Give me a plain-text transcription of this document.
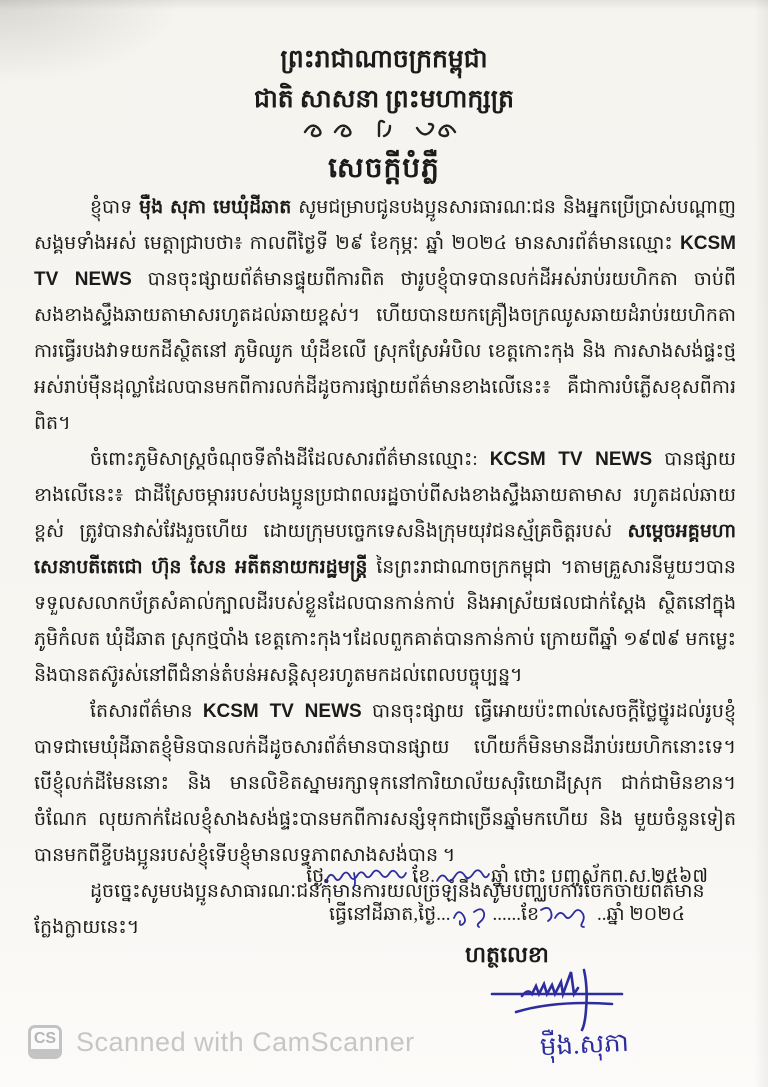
ព្រះរាជាណាចក្រកម្ពុជា
ជាតិ សាសនា ព្រះមហាក្សត្រ
សេចក្តីបំភ្លឺ

ខ្ញុំបាទ ម៉ឺង សុភា មេឃុំដីឆាត សូមជម្រាបជូនបងប្អូនសារធារណៈជន និងអ្នកប្រើប្រាស់បណ្ដាញសង្គមទាំងអស់ មេត្តាជ្រាបថា៖ កាលពីថ្ងៃទី ២៩ ខែកុម្ភៈ ឆ្នាំ ២០២៤ មានសារព័ត៌មានឈ្មោះ KCSM TV NEWS បានចុះផ្សាយព័ត៌មានផ្ទុយពីការពិត ថារូបខ្ញុំបាទបានលក់ដីអស់រាប់រយហិកតា ចាប់ពីសងខាងស្ទឹងឆាយតាមាសរហូតដល់ឆាយខ្ពស់។ ហើយបានយកគ្រឿងចក្រឈូសឆាយដំរាប់រយហិកតាការធ្វើរបងវាទយកដីស្ថិតនៅ ភូមិឈូក ឃុំដីខលើ ស្រុកស្រែអំបិល ខេត្តកោះកុង និង ការសាងសង់ផ្ទះថ្មអស់រាប់ម៉ឺនដុល្លាដែលបានមកពីការលក់ដីដូចការផ្សាយព័ត៌មានខាងលើនេះ៖ គឺជាការបំភ្លើសខុសពីការពិត។

ចំពោះភូមិសាស្រ្តចំណុចទីតាំងដីដែលសារព័ត៌មានឈ្មោះ: KCSM TV NEWS បានផ្សាយខាងលើនេះ៖ ជាដីស្រែចម្ការរបស់បងប្អូនប្រជាពលរដ្ឋចាប់ពីសងខាងស្ទឹងឆាយតាមាស រហូតដល់ឆាយខ្ពស់ ត្រូវបានវាស់វែងរួចហើយ ដោយក្រុមបច្ចេកទេសនិងក្រុមយុវជនស្ម័គ្រចិត្តរបស់ សម្តេចអគ្គមហាសេនាបតីតេជោ ហ៊ុន សែន អតីតនាយករដ្ឋមន្ត្រី នៃព្រះរាជាណាចក្រកម្ពុជា ។តាមគ្រួសារនីមួយៗបានទទួលសលាកប័ត្រសំគាល់ក្បាលដីរបស់ខ្លួនដែលបានកាន់កាប់ និងអាស្រ័យផលជាក់ស្តែង ស្ថិតនៅក្នុងភូមិកំលត ឃុំដីឆាត ស្រុកថ្មបាំង ខេត្តកោះកុង។ដែលពួកគាត់បានកាន់កាប់ ក្រោយពីឆ្នាំ ១៩៧៩ មកម្លេះនិងបានតស៊ូរស់នៅពីជំនាន់តំបន់អសន្តិសុខរហូតមកដល់ពេលបច្ចុប្បន្ន។

តែសារព័ត៌មាន KCSM TV NEWS បានចុះផ្សាយ ធ្វើអោយប៉ះពាល់សេចក្តីថ្លៃថ្នូរដល់រូបខ្ញុំបាទជាមេឃុំដីឆាតខ្ញុំមិនបានលក់ដីដូចសារព័ត៌មានបានផ្សាយ ហើយក៏មិនមានដីរាប់រយហិកនោះទេ។ បើខ្ញុំលក់ដីមែននោះ និង មានលិខិតស្នាមរក្សាទុកនៅការិយាល័យសុរិយោដីស្រុក ជាក់ជាមិនខាន។ ចំណែក លុយកាក់ដែលខ្ញុំសាងសង់ផ្ទះបានមកពីការសន្សំទុកជាច្រើនឆ្នាំមកហើយ និង មួយចំនួនទៀតបានមកពីខ្ចីបងប្អូនរបស់ខ្ញុំទើបខ្ញុំមានលទ្ធភាពសាងសង់បាន ។

ដូចច្នេះសូមបងប្អូនសាធារណៈជនកុំមានការយល់ច្រឡំនឹងសូមបញ្ឈប់ការចែកចាយព័ត៌មានក្លែងក្លាយនេះ។

ថ្ងៃ	ខែ.	ឆ្នាំ ថោះ បញ្ចស័កព.ស.២៥៦៧
ធ្វើនៅដីឆាត,ថ្ងៃ... ......ខែ	..ឆ្នាំ ២០២៤
ហត្ថលេខា
ម៉ឺង.សុភា
CS Scanned with CamScanner
